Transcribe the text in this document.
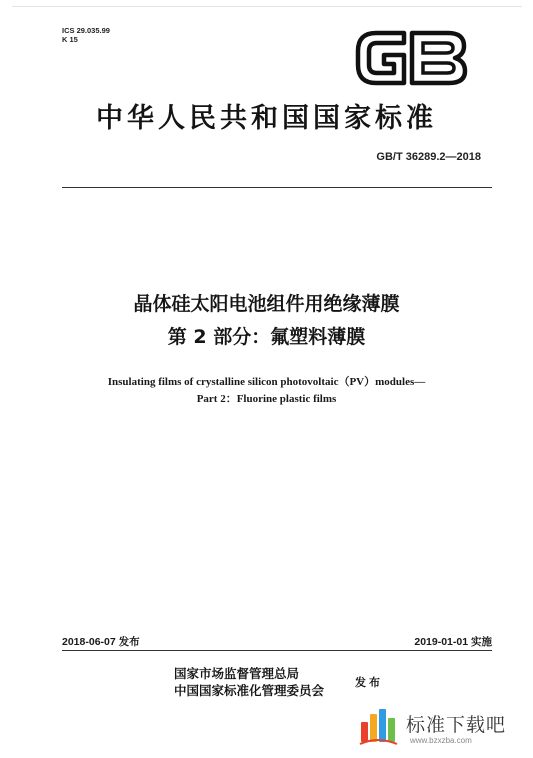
ICS 29.035.99
K 15
中华人民共和国国家标准
GB/T 36289.2—2018
晶体硅太阳电池组件用绝缘薄膜
第 2 部分：氟塑料薄膜
Insulating films of crystalline silicon photovoltaic（PV）modules—
Part 2：Fluorine plastic films
2018-06-07 发布	2019-01-01 实施
国家市场监督管理总局
中国国家标准化管理委员会
发布
标准下载吧
www.bzxzba.com
